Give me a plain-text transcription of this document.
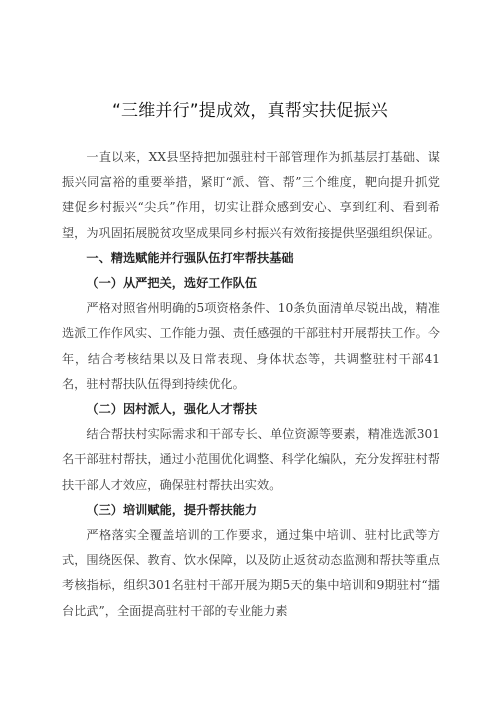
“三维并行”提成效，真帮实扶促振兴

一直以来，XX县坚持把加强驻村干部管理作为抓基层打基础、谋振兴同富裕的重要举措，紧盯“派、管、帮”三个维度，靶向提升抓党建促乡村振兴“尖兵”作用，切实让群众感到安心、享到红利、看到希望，为巩固拓展脱贫攻坚成果同乡村振兴有效衔接提供坚强组织保证。

一、精选赋能并行强队伍打牢帮扶基础

（一）从严把关，选好工作队伍

严格对照省州明确的5项资格条件、10条负面清单尽锐出战，精准选派工作作风实、工作能力强、责任感强的干部驻村开展帮扶工作。今年，结合考核结果以及日常表现、身体状态等，共调整驻村干部41名，驻村帮扶队伍得到持续优化。

（二）因村派人，强化人才帮扶

结合帮扶村实际需求和干部专长、单位资源等要素，精准选派301名干部驻村帮扶，通过小范围优化调整、科学化编队，充分发挥驻村帮扶干部人才效应，确保驻村帮扶出实效。

（三）培训赋能，提升帮扶能力

严格落实全覆盖培训的工作要求，通过集中培训、驻村比武等方式，围绕医保、教育、饮水保障，以及防止返贫动态监测和帮扶等重点考核指标，组织301名驻村干部开展为期5天的集中培训和9期驻村“擂台比武”，全面提高驻村干部的专业能力素
